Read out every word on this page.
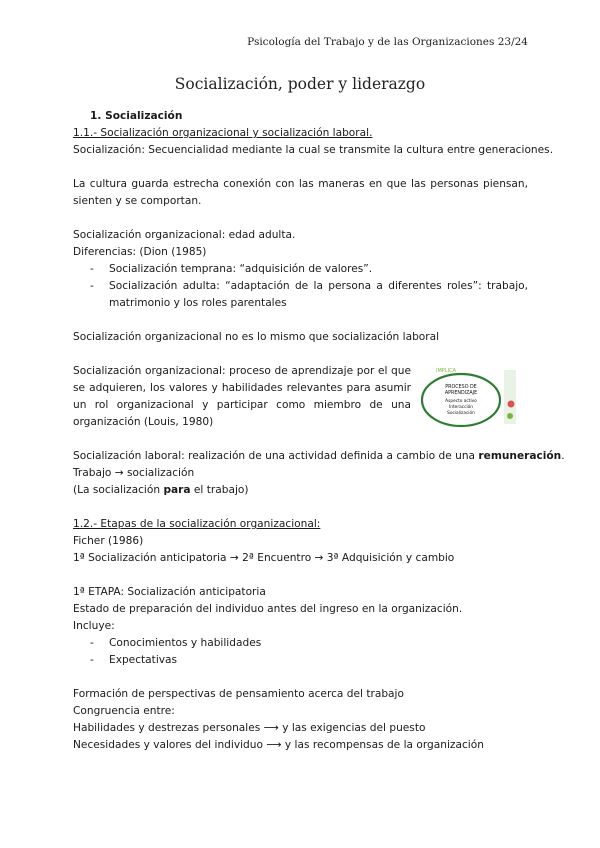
Psicología del Trabajo y de las Organizaciones 23/24
Socialización, poder y liderazgo
1. Socialización
1.1.- Socialización organizacional y socialización laboral.
Socialización: Secuencialidad mediante la cual se transmite la cultura entre generaciones.
La cultura guarda estrecha conexión con las maneras en que las personas piensan, sienten y se comportan.
Socialización organizacional: edad adulta.
Diferencias: (Dion (1985)
- Socialización temprana: “adquisición de valores”.
- Socialización adulta: “adaptación de la persona a diferentes roles”: trabajo, matrimonio y los roles parentales
Socialización organizacional no es lo mismo que socialización laboral
Socialización organizacional: proceso de aprendizaje por el que se adquieren, los valores y habilidades relevantes para asumir un rol organizacional y participar como miembro de una organización (Louis, 1980)
IMPLICA
PROCESO DE
APRENDIZAJE
Aspecto activo
Interacción
Socialización
Socialización laboral: realización de una actividad definida a cambio de una remuneración.
Trabajo → socialización
(La socialización para el trabajo)
1.2.- Etapas de la socialización organizacional:
Ficher (1986)
1ª Socialización anticipatoria → 2ª Encuentro → 3ª Adquisición y cambio
1ª ETAPA: Socialización anticipatoria
Estado de preparación del individuo antes del ingreso en la organización.
Incluye:
- Conocimientos y habilidades
- Expectativas
Formación de perspectivas de pensamiento acerca del trabajo
Congruencia entre:
Habilidades y destrezas personales ⟶ y las exigencias del puesto
Necesidades y valores del individuo ⟶ y las recompensas de la organización
